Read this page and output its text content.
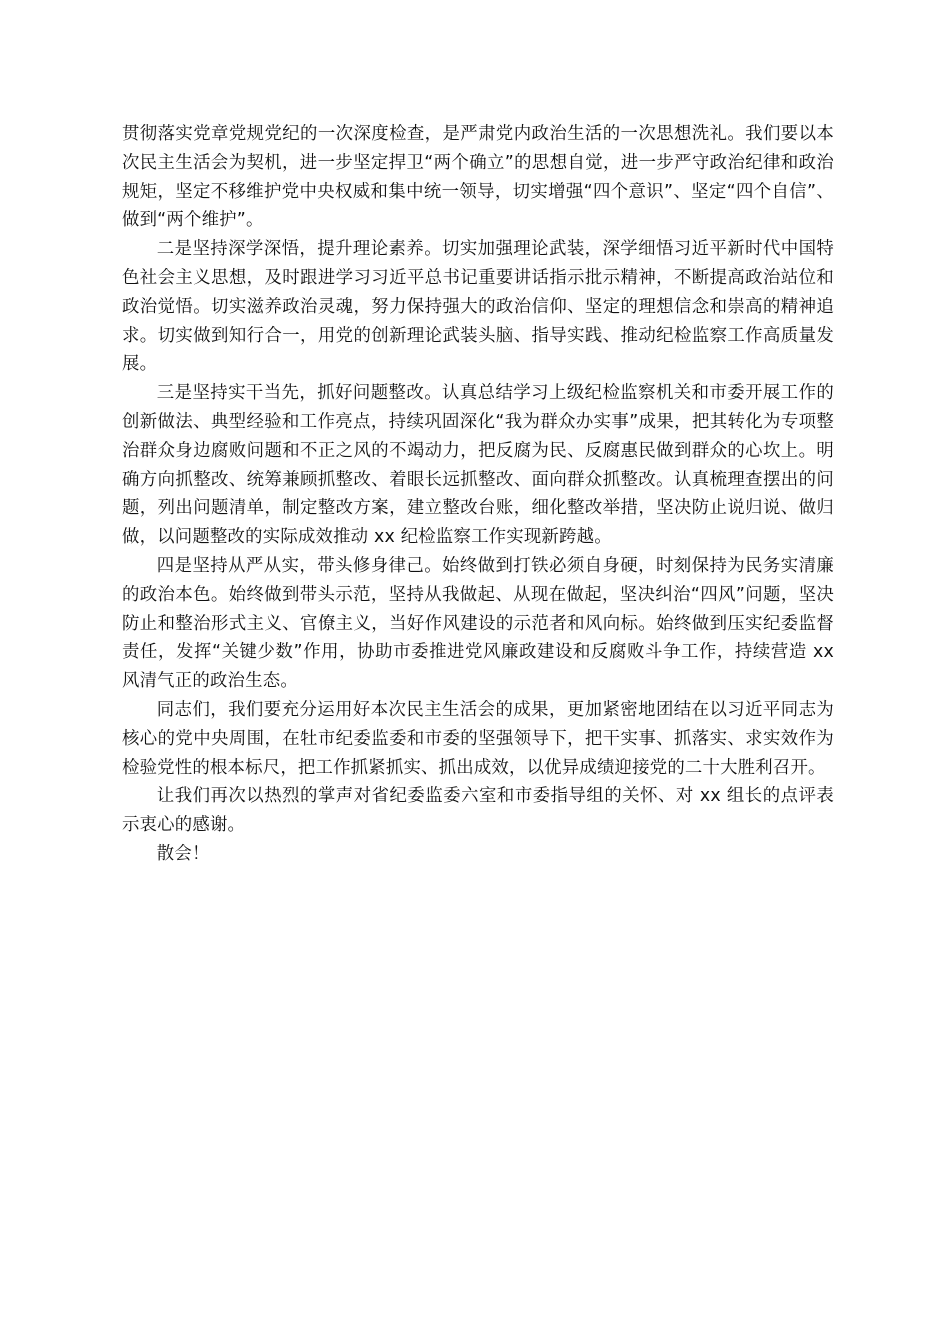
贯彻落实党章党规党纪的一次深度检查，是严肃党内政治生活的一次思想洗礼。我们要以本次民主生活会为契机，进一步坚定捍卫“两个确立”的思想自觉，进一步严守政治纪律和政治规矩，坚定不移维护党中央权威和集中统一领导，切实增强“四个意识”、坚定“四个自信”、做到“两个维护”。

二是坚持深学深悟，提升理论素养。切实加强理论武装，深学细悟习近平新时代中国特色社会主义思想，及时跟进学习习近平总书记重要讲话指示批示精神，不断提高政治站位和政治觉悟。切实滋养政治灵魂，努力保持强大的政治信仰、坚定的理想信念和崇高的精神追求。切实做到知行合一，用党的创新理论武装头脑、指导实践、推动纪检监察工作高质量发展。

三是坚持实干当先，抓好问题整改。认真总结学习上级纪检监察机关和市委开展工作的创新做法、典型经验和工作亮点，持续巩固深化“我为群众办实事”成果，把其转化为专项整治群众身边腐败问题和不正之风的不竭动力，把反腐为民、反腐惠民做到群众的心坎上。明确方向抓整改、统筹兼顾抓整改、着眼长远抓整改、面向群众抓整改。认真梳理查摆出的问题，列出问题清单，制定整改方案，建立整改台账，细化整改举措，坚决防止说归说、做归做，以问题整改的实际成效推动 xx 纪检监察工作实现新跨越。

四是坚持从严从实，带头修身律己。始终做到打铁必须自身硬，时刻保持为民务实清廉的政治本色。始终做到带头示范，坚持从我做起、从现在做起，坚决纠治“四风”问题，坚决防止和整治形式主义、官僚主义，当好作风建设的示范者和风向标。始终做到压实纪委监督责任，发挥“关键少数”作用，协助市委推进党风廉政建设和反腐败斗争工作，持续营造 xx 风清气正的政治生态。

同志们，我们要充分运用好本次民主生活会的成果，更加紧密地团结在以习近平同志为核心的党中央周围，在牡市纪委监委和市委的坚强领导下，把干实事、抓落实、求实效作为检验党性的根本标尺，把工作抓紧抓实、抓出成效，以优异成绩迎接党的二十大胜利召开。

让我们再次以热烈的掌声对省纪委监委六室和市委指导组的关怀、对 xx 组长的点评表示衷心的感谢。

散会！
